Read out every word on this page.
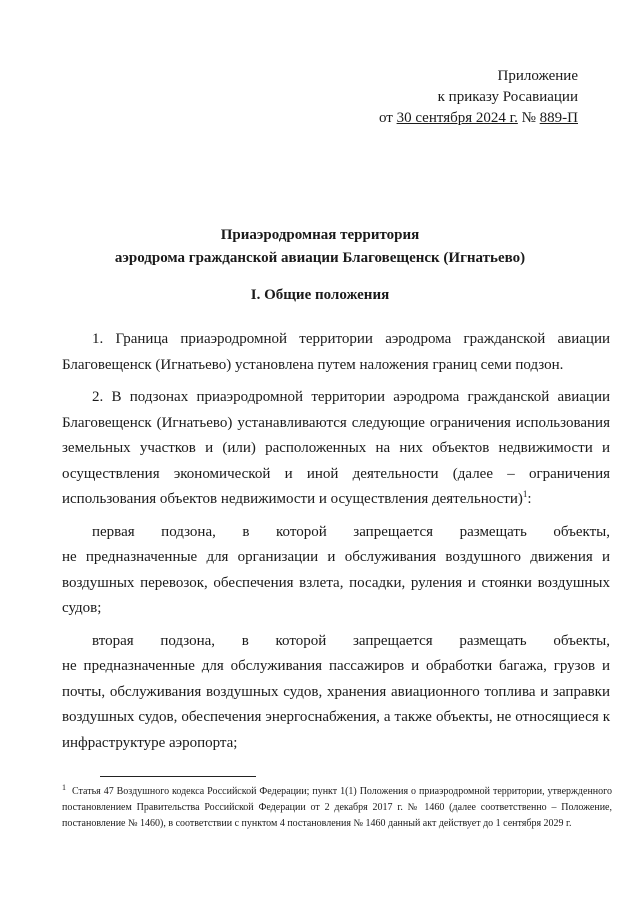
Приложение
к приказу Росавиации
от 30 сентября 2024 г. № 889-П
Приаэродромная территория
аэродрома гражданской авиации Благовещенск (Игнатьево)
I. Общие положения

1. Граница приаэродромной территории аэродрома гражданской авиации Благовещенск (Игнатьево) установлена путем наложения границ семи подзон.

2. В подзонах приаэродромной территории аэродрома гражданской авиации Благовещенск (Игнатьево) устанавливаются следующие ограничения использования земельных участков и (или) расположенных на них объектов недвижимости и осуществления экономической и иной деятельности (далее – ограничения использования объектов недвижимости и осуществления деятельности)$^1$:

первая подзона, в которой запрещается размещать объекты,

не предназначенные для организации и обслуживания воздушного движения и воздушных перевозок, обеспечения взлета, посадки, руления и стоянки воздушных судов;

вторая подзона, в которой запрещается размещать объекты,

не предназначенные для обслуживания пассажиров и обработки багажа, грузов и почты, обслуживания воздушных судов, хранения авиационного топлива и заправки воздушных судов, обеспечения энергоснабжения, а также объекты, не относящиеся к инфраструктуре аэропорта;

$^1$ Статья 47 Воздушного кодекса Российской Федерации; пункт 1(1) Положения о приаэродромной территории, утвержденного постановлением Правительства Российской Федерации от 2 декабря 2017 г. № 1460 (далее соответственно – Положение, постановление № 1460), в соответствии с пунктом 4 постановления № 1460 данный акт действует до 1 сентября 2029 г.
